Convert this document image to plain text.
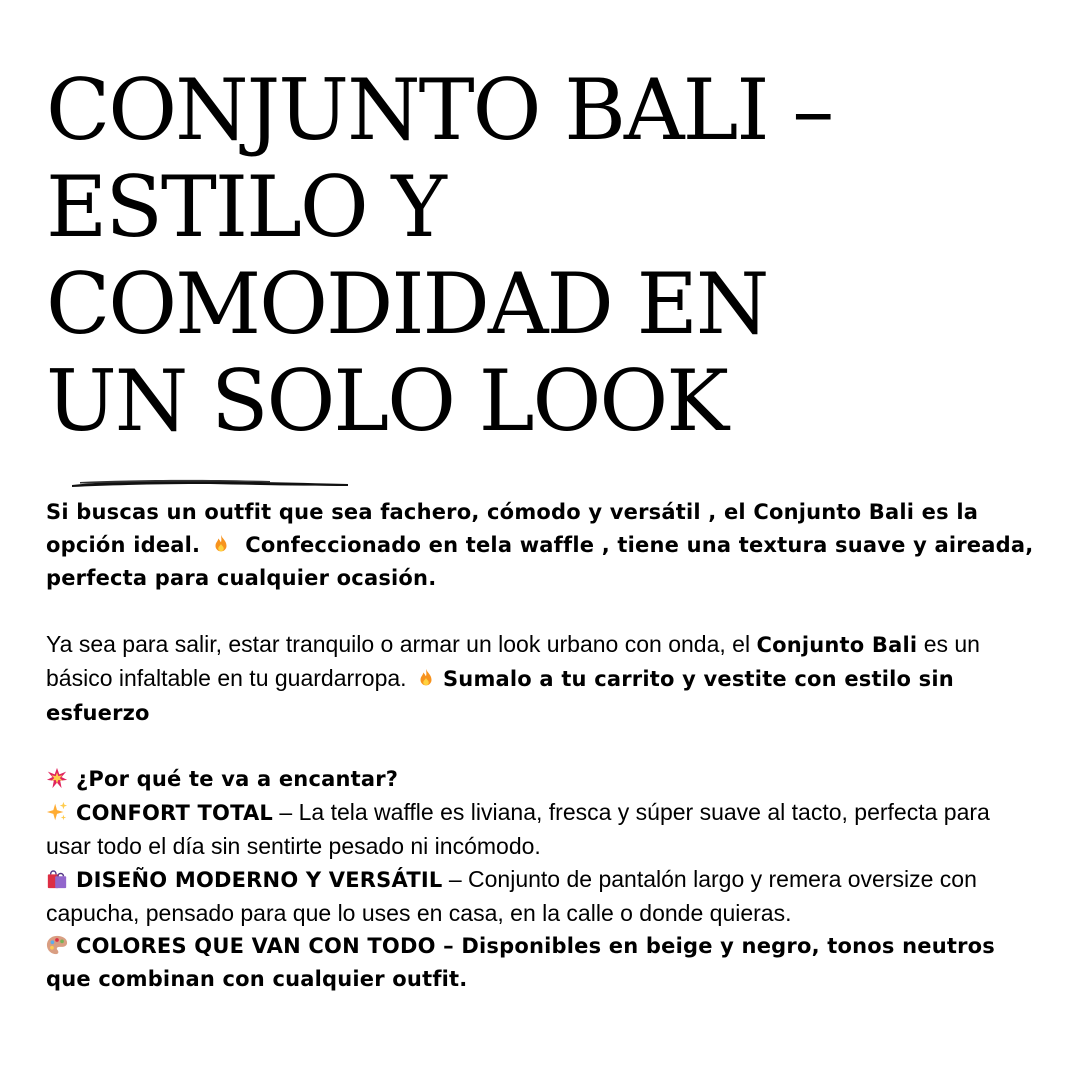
CONJUNTO BALI –
ESTILO Y
COMODIDAD EN
UN SOLO LOOK

Si buscas un outfit que sea fachero, cómodo y versátil , el Conjunto Bali es la opción ideal. Confeccionado en tela waffle , tiene una textura suave y aireada, perfecta para cualquier ocasión.

Ya sea para salir, estar tranquilo o armar un look urbano con onda, el Conjunto Bali es un básico infaltable en tu guardarropa. Sumalo a tu carrito y vestite con estilo sin esfuerzo

¿Por qué te va a encantar?

CONFORT TOTAL – La tela waffle es liviana, fresca y súper suave al tacto, perfecta para usar todo el día sin sentirte pesado ni incómodo.

DISEÑO MODERNO Y VERSÁTIL – Conjunto de pantalón largo y remera oversize con capucha, pensado para que lo uses en casa, en la calle o donde quieras.

COLORES QUE VAN CON TODO – Disponibles en beige y negro, tonos neutros que combinan con cualquier outfit.
